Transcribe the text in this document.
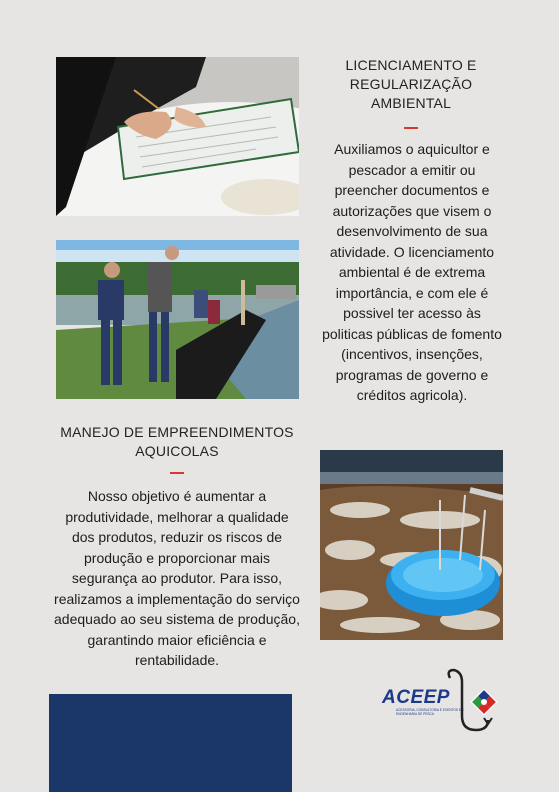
LICENCIAMENTO E
REGULARIZAÇÃO
AMBIENTAL
Auxiliamos o aquicultor e pescador a emitir ou preencher documentos e autorizações que visem o desenvolvimento de sua atividade. O licenciamento ambiental é de extrema importância, e com ele é possivel ter acesso às politicas públicas de fomento (incentivos, insenções, programas de governo e créditos agricola).
MANEJO DE EMPREENDIMENTOS
AQUICOLAS
Nosso objetivo é aumentar a produtividade, melhorar a qualidade dos produtos, reduzir os riscos de produção e proporcionar mais segurança ao produtor. Para isso, realizamos a implementação do serviço adequado ao seu sistema de produção, garantindo maior eficiência e rentabilidade.
ACEEP
ACESSORIA, CONSULTORIA E EVENTOS EM ENGENHARIA DE PESCA
